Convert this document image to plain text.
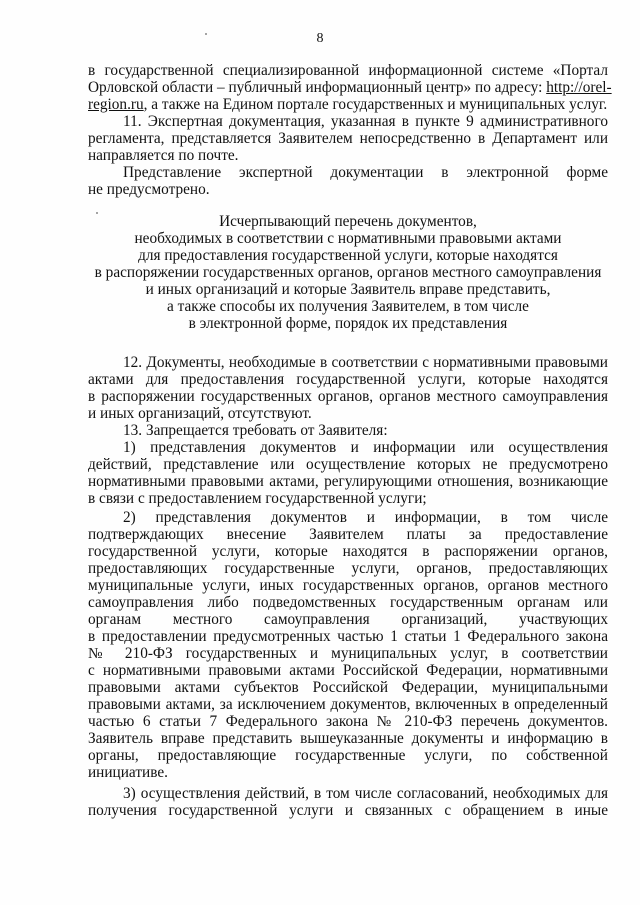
8
в государственной специализированной информационной системе «Портал
Орловской области – публичный информационный центр» по адресу: http://orel-
region.ru, а также на Едином портале государственных и муниципальных услуг.
11. Экспертная документация, указанная в пункте 9 административного
регламента, представляется Заявителем непосредственно в Департамент или
направляется по почте.
Представление экспертной документации в электронной форме
не предусмотрено.
Исчерпывающий перечень документов,
необходимых в соответствии с нормативными правовыми актами
для предоставления государственной услуги, которые находятся
в распоряжении государственных органов, органов местного самоуправления
и иных организаций и которые Заявитель вправе представить,
а также способы их получения Заявителем, в том числе
в электронной форме, порядок их представления
12. Документы, необходимые в соответствии с нормативными правовыми
актами для предоставления государственной услуги, которые находятся
в распоряжении государственных органов, органов местного самоуправления
и иных организаций, отсутствуют.
13. Запрещается требовать от Заявителя:
1) представления документов и информации или осуществления
действий, представление или осуществление которых не предусмотрено
нормативными правовыми актами, регулирующими отношения, возникающие
в связи с предоставлением государственной услуги;
2) представления документов и информации, в том числе
подтверждающих внесение Заявителем платы за предоставление
государственной услуги, которые находятся в распоряжении органов,
предоставляющих государственные услуги, органов, предоставляющих
муниципальные услуги, иных государственных органов, органов местного
самоуправления либо подведомственных государственным органам или
органам местного самоуправления организаций, участвующих
в предоставлении предусмотренных частью 1 статьи 1 Федерального закона
№ 210-ФЗ государственных и муниципальных услуг, в соответствии
с нормативными правовыми актами Российской Федерации, нормативными
правовыми актами субъектов Российской Федерации, муниципальными
правовыми актами, за исключением документов, включенных в определенный
частью 6 статьи 7 Федерального закона № 210-ФЗ перечень документов.
Заявитель вправе представить вышеуказанные документы и информацию в
органы, предоставляющие государственные услуги, по собственной
инициативе.
3) осуществления действий, в том числе согласований, необходимых для
получения государственной услуги и связанных с обращением в иные
